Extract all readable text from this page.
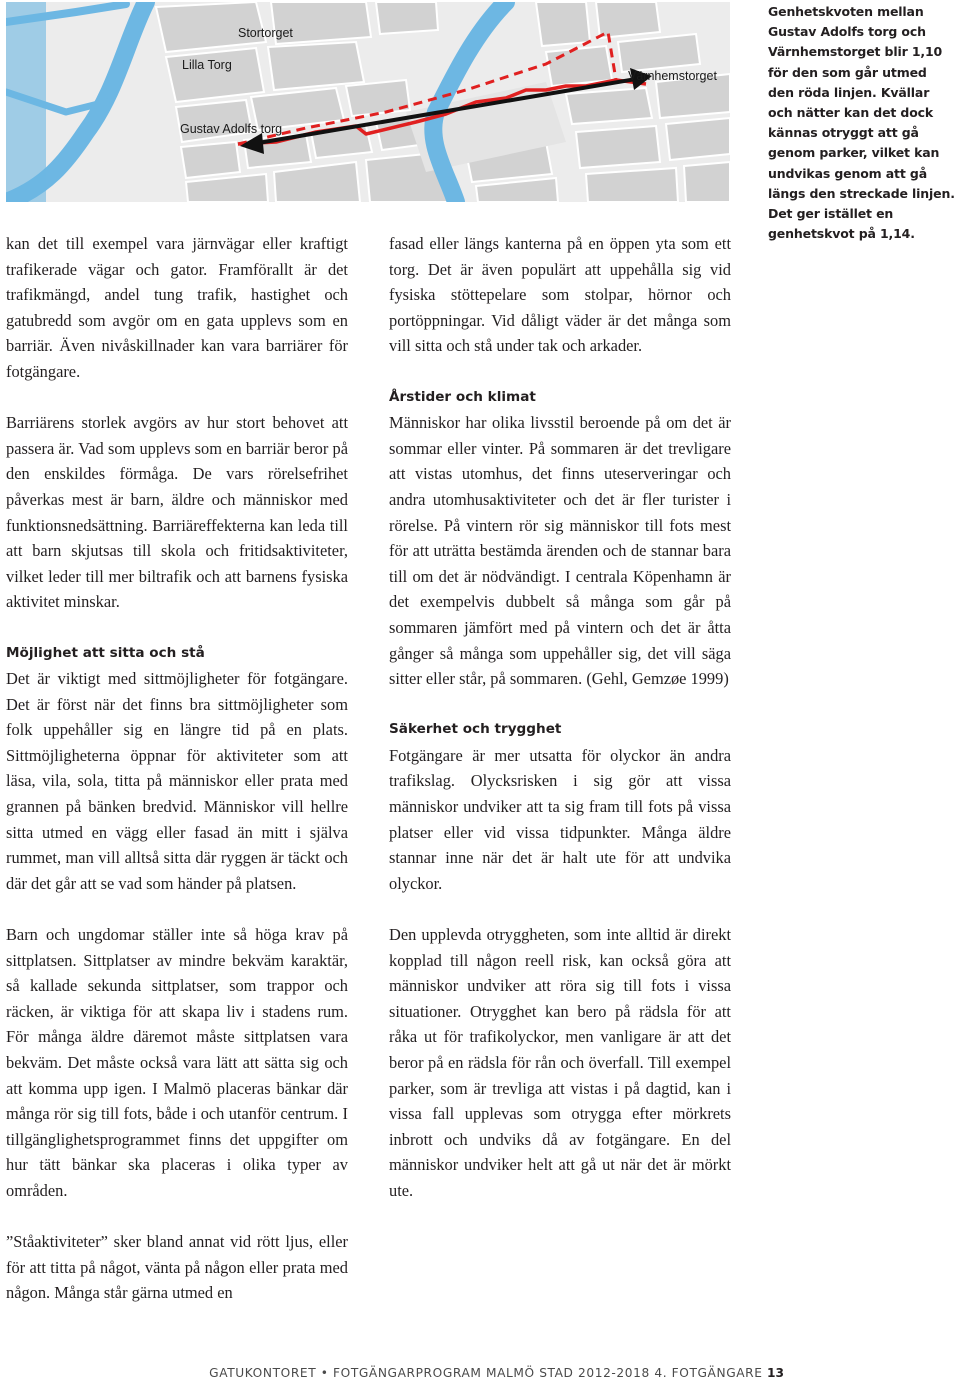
Stortorget
Lilla Torg
Gustav Adolfs torg
Värnhemstorget

Genhetskvoten mellan Gustav Adolfs torg och Värnhemstorget blir 1,10 för den som går utmed den röda linjen. Kvällar och nätter kan det dock kännas otryggt att gå genom parker, vilket kan undvikas genom att gå längs den streckade linjen. Det ger istället en genhetskvot på 1,14.

kan det till exempel vara järnvägar eller kraftigt trafikerade vägar och gator. Framförallt är det trafikmängd, andel tung trafik, hastighet och gatubredd som avgör om en gata upplevs som en barriär. Även nivåskillnader kan vara barriärer för fotgängare.

Barriärens storlek avgörs av hur stort behovet att passera är. Vad som upplevs som en barriär beror på den enskildes förmåga. De vars rörelsefrihet påverkas mest är barn, äldre och människor med funktionsnedsättning. Barriäreffekterna kan leda till att barn skjutsas till skola och fritidsaktiviteter, vilket leder till mer biltrafik och att barnens fysiska aktivitet minskar.

Möjlighet att sitta och stå

Det är viktigt med sittmöjligheter för fotgängare. Det är först när det finns bra sittmöjligheter som folk uppehåller sig en längre tid på en plats. Sittmöjligheterna öppnar för aktiviteter som att läsa, vila, sola, titta på människor eller prata med grannen på bänken bredvid. Människor vill hellre sitta utmed en vägg eller fasad än mitt i själva rummet, man vill alltså sitta där ryggen är täckt och där det går att se vad som händer på platsen.

Barn och ungdomar ställer inte så höga krav på sittplatsen. Sittplatser av mindre bekväm karaktär, så kallade sekunda sittplatser, som trappor och räcken, är viktiga för att skapa liv i stadens rum. För många äldre däremot måste sittplatsen vara bekväm. Det måste också vara lätt att sätta sig och att komma upp igen. I Malmö placeras bänkar där många rör sig till fots, både i och utanför centrum. I tillgänglighetsprogrammet finns det uppgifter om hur tätt bänkar ska placeras i olika typer av områden.

”Ståaktiviteter” sker bland annat vid rött ljus, eller för att titta på något, vänta på någon eller prata med någon. Många står gärna utmed en

fasad eller längs kanterna på en öppen yta som ett torg. Det är även populärt att uppehålla sig vid fysiska stöttepelare som stolpar, hörnor och portöppningar. Vid dåligt väder är det många som vill sitta och stå under tak och arkader.

Årstider och klimat

Människor har olika livsstil beroende på om det är sommar eller vinter. På sommaren är det trevligare att vistas utomhus, det finns uteserveringar och andra utomhusaktiviteter och det är fler turister i rörelse. På vintern rör sig människor till fots mest för att uträtta bestämda ärenden och de stannar bara till om det är nödvändigt. I centrala Köpenhamn är det exempelvis dubbelt så många som går på sommaren jämfört med på vintern och det är åtta gånger så många som uppehåller sig, det vill säga sitter eller står, på sommaren. (Gehl, Gemzøe 1999)

Säkerhet och trygghet

Fotgängare är mer utsatta för olyckor än andra trafikslag. Olycksrisken i sig gör att vissa människor undviker att ta sig fram till fots på vissa platser eller vid vissa tidpunkter. Många äldre stannar inne när det är halt ute för att undvika olyckor.

Den upplevda otryggheten, som inte alltid är direkt kopplad till någon reell risk, kan också göra att människor undviker att röra sig till fots i vissa situationer. Otrygghet kan bero på rädsla för att råka ut för trafikolyckor, men vanligare är att det beror på en rädsla för rån och överfall. Till exempel parker, som är trevliga att vistas i på dagtid, kan i vissa fall upplevas som otrygga efter mörkrets inbrott och undviks då av fotgängare. En del människor undviker helt att gå ut när det är mörkt ute.

GATUKONTORET • FOTGÄNGARPROGRAM MALMÖ STAD 2012-2018 4. FOTGÄNGARE 13
